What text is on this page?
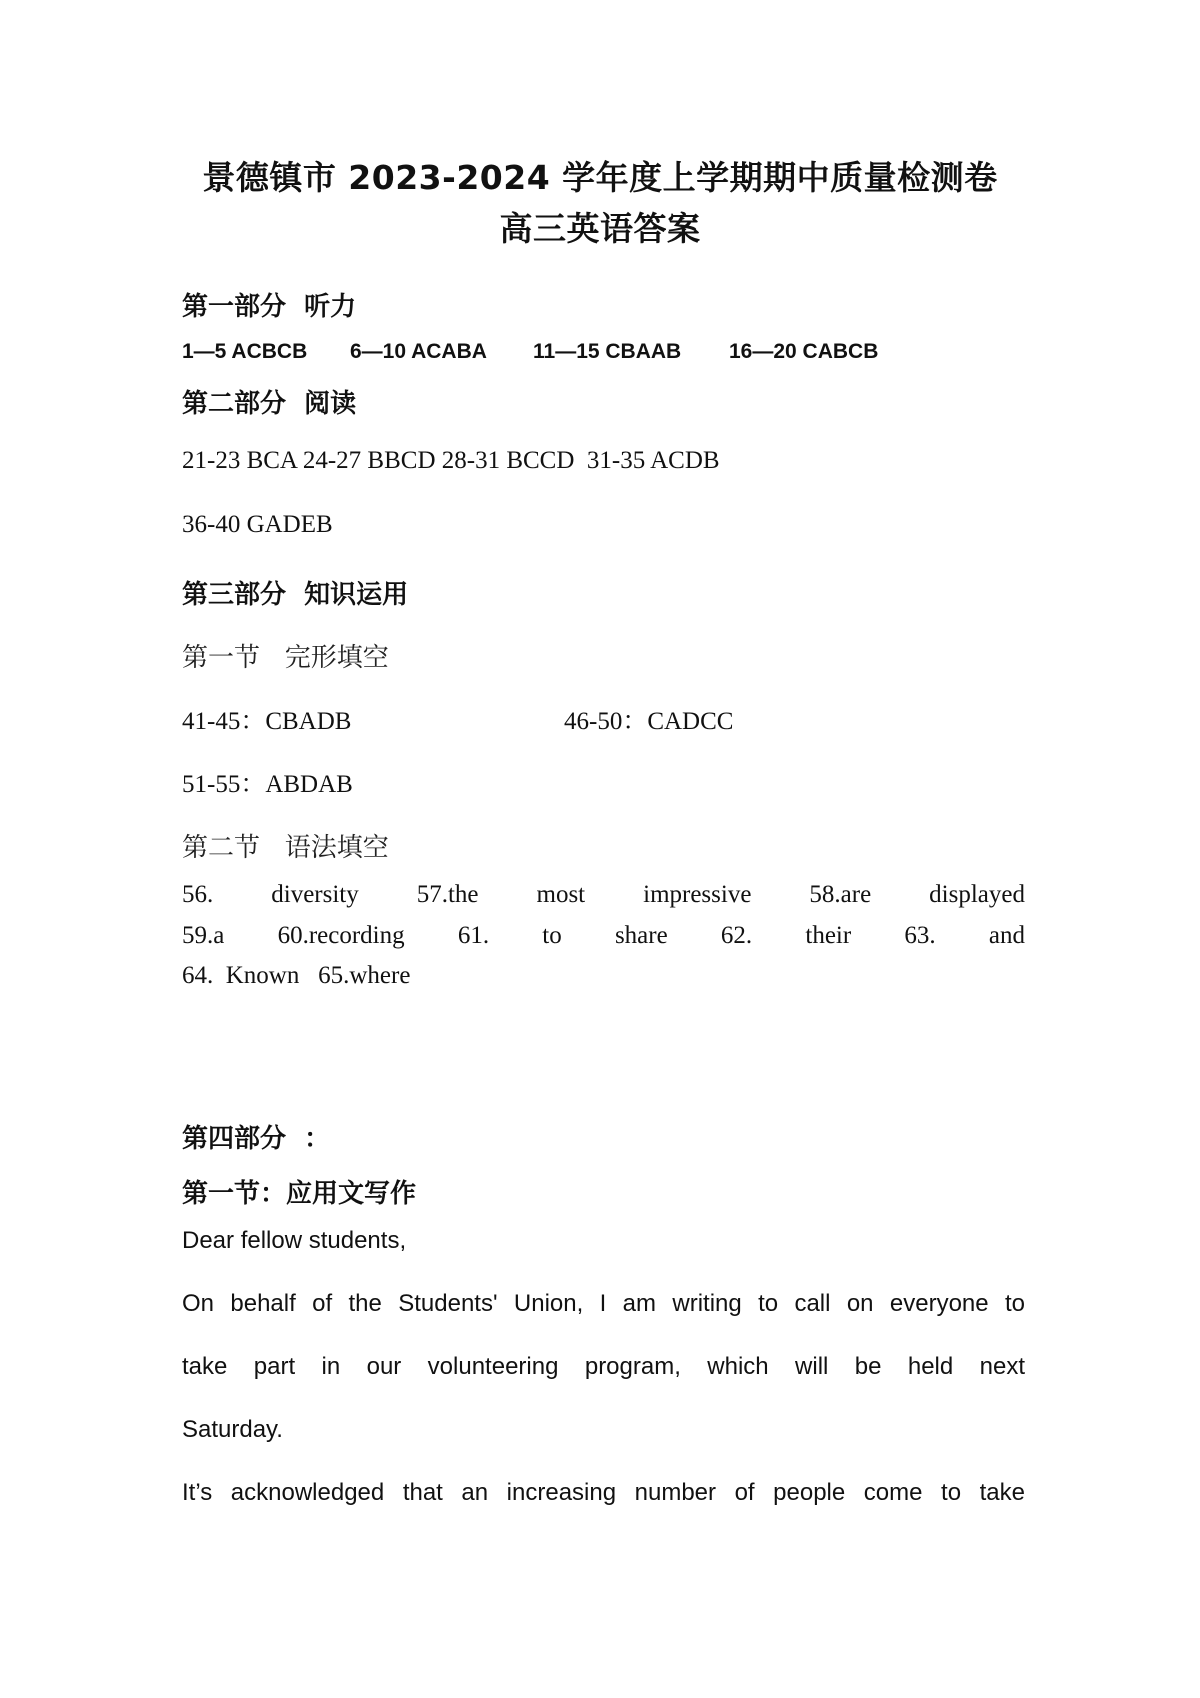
景德镇市 2023-2024 学年度上学期期中质量检测卷
高三英语答案
第一部分  听力
1—5 ACBCB 6—10 ACABA 11—15 CBAAB 16—20 CABCB
第二部分  阅读
21-23 BCA 24-27 BBCD 28-31 BCCD  31-35 ACDB
36-40 GADEB
第三部分  知识运用
第一节   完形填空
41-45：CBADB	46-50：CADCC
51-55：ABDAB
第二节   语法填空
56. diversity 57.the most impressive 58.are displayed
59.a 60.recording 61. to share 62. their 63. and
64.  Known   65.where
第四部分  ：
第一节：应用文写作
Dear fellow students,
On behalf of the Students' Union, I am writing to call on everyone to
take part in our volunteering program, which will be held next
Saturday.
It’s acknowledged that an increasing number of people come to take
